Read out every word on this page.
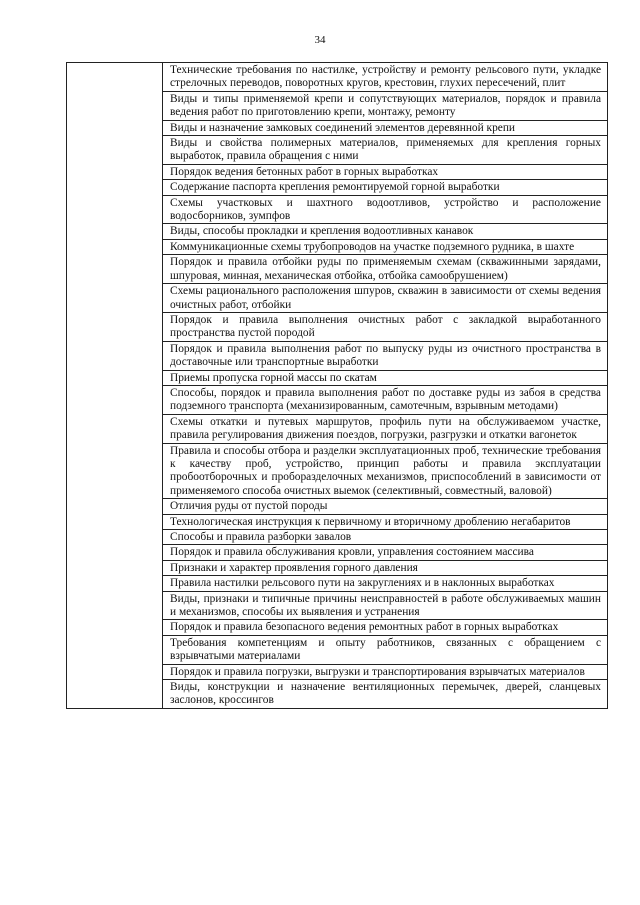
34
	Технические требования по настилке, устройству и ремонту рельсового пути, укладке стрелочных переводов, поворотных кругов, крестовин, глухих пересечений, плит
Виды и типы применяемой крепи и сопутствующих материалов, порядок и правила ведения работ по приготовлению крепи, монтажу, ремонту
Виды и назначение замковых соединений элементов деревянной крепи
Виды и свойства полимерных материалов, применяемых для крепления горных выработок, правила обращения с ними
Порядок ведения бетонных работ в горных выработках
Содержание паспорта крепления ремонтируемой горной выработки
Схемы участковых и шахтного водоотливов, устройство и расположение водосборников, зумпфов
Виды, способы прокладки и крепления водоотливных канавок
Коммуникационные схемы трубопроводов на участке подземного рудника, в шахте
Порядок и правила отбойки руды по применяемым схемам (скважинными зарядами, шпуровая, минная, механическая отбойка, отбойка самообрушением)
Схемы рационального расположения шпуров, скважин в зависимости от схемы ведения очистных работ, отбойки
Порядок и правила выполнения очистных работ с закладкой выработанного пространства пустой породой
Порядок и правила выполнения работ по выпуску руды из очистного пространства в доставочные или транспортные выработки
Приемы пропуска горной массы по скатам
Способы, порядок и правила выполнения работ по доставке руды из забоя в средства подземного транспорта (механизированным, самотечным, взрывным методами)
Схемы откатки и путевых маршрутов, профиль пути на обслуживаемом участке, правила регулирования движения поездов, погрузки, разгрузки и откатки вагонеток
Правила и способы отбора и разделки эксплуатационных проб, технические требования к качеству проб, устройство, принцип работы и правила эксплуатации пробоотборочных и проборазделочных механизмов, приспособлений в зависимости от применяемого способа очистных выемок (селективный, совместный, валовой)
Отличия руды от пустой породы
Технологическая инструкция к первичному и вторичному дроблению негабаритов
Способы и правила разборки завалов
Порядок и правила обслуживания кровли, управления состоянием массива
Признаки и характер проявления горного давления
Правила настилки рельсового пути на закруглениях и в наклонных выработках
Виды, признаки и типичные причины неисправностей в работе обслуживаемых машин и механизмов, способы их выявления и устранения
Порядок и правила безопасного ведения ремонтных работ в горных выработках
Требования компетенциям и опыту работников, связанных с обращением с взрывчатыми материалами
Порядок и правила погрузки, выгрузки и транспортирования взрывчатых материалов
Виды, конструкции и назначение вентиляционных перемычек, дверей, сланцевых заслонов, кроссингов
